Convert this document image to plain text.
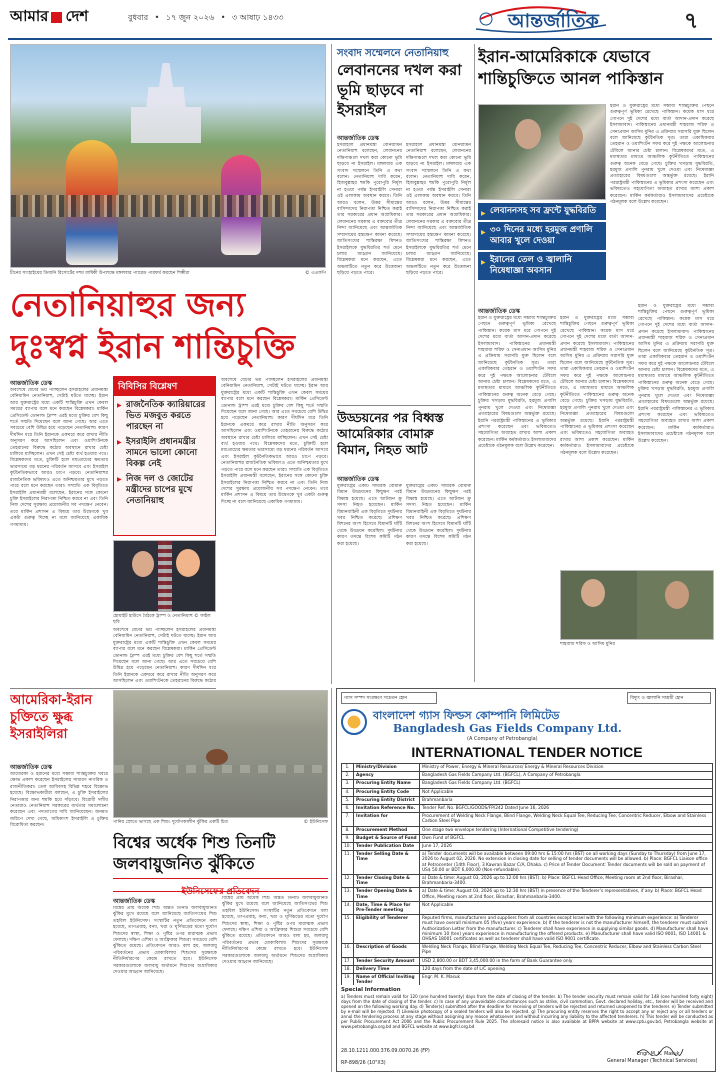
আমার দেশ	বুধবার • ১৭ জুন ২০২৬ • ৩ আষাঢ় ১৪৩৩	আন্তর্জাতিক	৭
চীনের সাংহাইয়ের ডিজনি রিসোর্টের দশম বার্ষিকী উপলক্ষে মঙ্গলবার প্যারেড পারফর্ম করছেন শিল্পীরা	© এএফপি
নেতানিয়াহুর জন্য দুঃস্বপ্ন ইরান শান্তিচুক্তি
আন্তর্জাতিক ডেস্ক
অবশেষে যেটার ভয় পাচ্ছিলেন ইসরাইলের প্রধানমন্ত্রী বেনিয়ামিন নেতানিয়াহু, সেটাই ঘটতে যাচ্ছে। ইরান আর যুক্তরাষ্ট্রের মধ্যে একটি শান্তিচুক্তি এখন কেবল সময়ের ব্যাপার বলে মনে করছেন বিশ্লেষকরা। মার্কিন প্রেসিডেন্ট ডোনাল্ড ট্রাম্প এরই মধ্যে চুক্তির বেশ কিছু শর্তে সম্মতি দিয়েছেন বলে জানা গেছে। আর এতে সবচেয়ে বেশি উদ্বিগ্ন হয়ে পড়েছেন নেতানিয়াহু। কারণ দীর্ঘদিন ধরে তিনি ইরানকে একঘরে করে রাখার নীতি অনুসরণ করে আসছিলেন এবং ওয়াশিংটনকে তেহরানের বিরুদ্ধে কঠোর অবস্থানে রাখার চেষ্টা চালিয়ে যাচ্ছিলেন। এখন সেই চেষ্টা ব্যর্থ হওয়ার পথে। বিশ্লেষকদের মতে, চুক্তিটি হলে মধ্যপ্রাচ্যের ক্ষমতার ভারসাম্যে বড় ধরনের পরিবর্তন আসবে এবং ইসরাইল কূটনৈতিকভাবে আরও চাপে পড়বে। নেতানিয়াহুর রাজনৈতিক ভবিষ্যৎও এতে অনিশ্চয়তার মুখে পড়তে পারে বলে মনে করছেন তারা। সম্প্রতি এক বিবৃতিতে ইসরাইলি প্রধানমন্ত্রী বলেছেন, ইরানের সঙ্গে কোনো চুক্তি ইসরাইলের নিরাপত্তা নিশ্চিত করবে না এবং তিনি নিজ দেশের সুরক্ষায় প্রয়োজনীয় সব পদক্ষেপ নেবেন। তবে মার্কিন প্রশাসন এ বিষয়ে তার উদ্বেগকে খুব একটা গুরুত্ব দিচ্ছে না বলে জানিয়েছে একাধিক গণমাধ্যম।
বিবিসির বিশ্লেষণ
▶ রাজনৈতিক ক্যারিয়ারের ভিত মজবুত করতে পারছেন না
▶ ইসরাইলি প্রধানমন্ত্রীর সামনে ভালো কোনো বিকল্প নেই
▶ নিজ দল ও জোটের মন্ত্রীদের চাপের মুখে নেতানিয়াহু
হোয়াইট হাউসে বৈঠকে ট্রাম্প ও নেতানিয়াহু © ফাইল ছবি
অবশেষে যেটার ভয় পাচ্ছিলেন ইসরাইলের প্রধানমন্ত্রী বেনিয়ামিন নেতানিয়াহু, সেটাই ঘটতে যাচ্ছে। ইরান আর যুক্তরাষ্ট্রের মধ্যে একটি শান্তিচুক্তি এখন কেবল সময়ের ব্যাপার বলে মনে করছেন বিশ্লেষকরা। মার্কিন প্রেসিডেন্ট ডোনাল্ড ট্রাম্প এরই মধ্যে চুক্তির বেশ কিছু শর্তে সম্মতি দিয়েছেন বলে জানা গেছে। আর এতে সবচেয়ে বেশি উদ্বিগ্ন হয়ে পড়েছেন নেতানিয়াহু। কারণ দীর্ঘদিন ধরে তিনি ইরানকে একঘরে করে রাখার নীতি অনুসরণ করে আসছিলেন এবং ওয়াশিংটনকে তেহরানের বিরুদ্ধে কঠোর
অবশেষে যেটার ভয় পাচ্ছিলেন ইসরাইলের প্রধানমন্ত্রী বেনিয়ামিন নেতানিয়াহু, সেটাই ঘটতে যাচ্ছে। ইরান আর যুক্তরাষ্ট্রের মধ্যে একটি শান্তিচুক্তি এখন কেবল সময়ের ব্যাপার বলে মনে করছেন বিশ্লেষকরা। মার্কিন প্রেসিডেন্ট ডোনাল্ড ট্রাম্প এরই মধ্যে চুক্তির বেশ কিছু শর্তে সম্মতি দিয়েছেন বলে জানা গেছে। আর এতে সবচেয়ে বেশি উদ্বিগ্ন হয়ে পড়েছেন নেতানিয়াহু। কারণ দীর্ঘদিন ধরে তিনি ইরানকে একঘরে করে রাখার নীতি অনুসরণ করে আসছিলেন এবং ওয়াশিংটনকে তেহরানের বিরুদ্ধে কঠোর অবস্থানে রাখার চেষ্টা চালিয়ে যাচ্ছিলেন। এখন সেই চেষ্টা ব্যর্থ হওয়ার পথে। বিশ্লেষকদের মতে, চুক্তিটি হলে মধ্যপ্রাচ্যের ক্ষমতার ভারসাম্যে বড় ধরনের পরিবর্তন আসবে এবং ইসরাইল কূটনৈতিকভাবে আরও চাপে পড়বে। নেতানিয়াহুর রাজনৈতিক ভবিষ্যৎও এতে অনিশ্চয়তার মুখে পড়তে পারে বলে মনে করছেন তারা। সম্প্রতি এক বিবৃতিতে ইসরাইলি প্রধানমন্ত্রী বলেছেন, ইরানের সঙ্গে কোনো চুক্তি ইসরাইলের নিরাপত্তা নিশ্চিত করবে না এবং তিনি নিজ দেশের সুরক্ষায় প্রয়োজনীয় সব পদক্ষেপ নেবেন। তবে মার্কিন প্রশাসন এ বিষয়ে তার উদ্বেগকে খুব একটা গুরুত্ব দিচ্ছে না বলে জানিয়েছে একাধিক গণমাধ্যম।
সংবাদ সম্মেলনে নেতানিয়াহু
লেবাননের দখল করা ভূমি ছাড়বে না ইসরাইল
আন্তর্জাতিক ডেস্ক
ইসরাইলি প্রধানমন্ত্রী বেনিয়ামিন নেতানিয়াহু বলেছেন, লেবাননের দক্ষিণাঞ্চলে দখল করা কোনো ভূমি ছাড়বে না ইসরাইল। মঙ্গলবার এক সংবাদ সম্মেলনে তিনি এ কথা বলেন। নেতানিয়াহু দাবি করেন, হিজবুল্লাহর হুমকি পুরোপুরি নির্মূল না হওয়া পর্যন্ত ইসরাইলি সেনারা ওই এলাকায় অবস্থান করবে। তিনি আরও বলেন, উত্তর সীমান্তের বাসিন্দাদের নিরাপত্তা নিশ্চিত করাই তার সরকারের প্রধান অগ্রাধিকার। লেবাননের সরকার এ বক্তব্যের তীব্র নিন্দা জানিয়েছে এবং আন্তর্জাতিক সম্প্রদায়ের হস্তক্ষেপ কামনা করেছে। জাতিসংঘের শান্তিরক্ষা মিশনও ইসরাইলকে যুদ্ধবিরতির শর্ত মেনে চলার আহ্বান জানিয়েছে। বিশ্লেষকরা মনে করছেন, এতে অঞ্চলটিতে নতুন করে উত্তেজনা ছড়িয়ে পড়তে পারে।
ইসরাইলি প্রধানমন্ত্রী বেনিয়ামিন নেতানিয়াহু বলেছেন, লেবাননের দক্ষিণাঞ্চলে দখল করা কোনো ভূমি ছাড়বে না ইসরাইল। মঙ্গলবার এক সংবাদ সম্মেলনে তিনি এ কথা বলেন। নেতানিয়াহু দাবি করেন, হিজবুল্লাহর হুমকি পুরোপুরি নির্মূল না হওয়া পর্যন্ত ইসরাইলি সেনারা ওই এলাকায় অবস্থান করবে। তিনি আরও বলেন, উত্তর সীমান্তের বাসিন্দাদের নিরাপত্তা নিশ্চিত করাই তার সরকারের প্রধান অগ্রাধিকার। লেবাননের সরকার এ বক্তব্যের তীব্র নিন্দা জানিয়েছে এবং আন্তর্জাতিক সম্প্রদায়ের হস্তক্ষেপ কামনা করেছে। জাতিসংঘের শান্তিরক্ষা মিশনও ইসরাইলকে যুদ্ধবিরতির শর্ত মেনে চলার আহ্বান জানিয়েছে। বিশ্লেষকরা মনে করছেন, এতে অঞ্চলটিতে নতুন করে উত্তেজনা ছড়িয়ে পড়তে পারে।
উড্ডয়নের পর বিধ্বস্ত আমেরিকার বোমারু বিমান, নিহত আট
আন্তর্জাতিক ডেস্ক
যুক্তরাষ্ট্রের একটি সামরিক বোমারু বিমান উড্ডয়নের কিছুক্ষণ পরই বিধ্বস্ত হয়েছে। এতে আটজন ক্রু সদস্য নিহত হয়েছেন। মার্কিন বিমানবাহিনী এক বিবৃতিতে দুর্ঘটনার খবর নিশ্চিত করেছে। প্রশিক্ষণ মিশনের অংশ হিসেবে বিমানটি ঘাঁটি থেকে উড্ডয়ন করেছিল। দুর্ঘটনার কারণ তদন্তে বিশেষ কমিটি গঠন করা হয়েছে।
যুক্তরাষ্ট্রের একটি সামরিক বোমারু বিমান উড্ডয়নের কিছুক্ষণ পরই বিধ্বস্ত হয়েছে। এতে আটজন ক্রু সদস্য নিহত হয়েছেন। মার্কিন বিমানবাহিনী এক বিবৃতিতে দুর্ঘটনার খবর নিশ্চিত করেছে। প্রশিক্ষণ মিশনের অংশ হিসেবে বিমানটি ঘাঁটি থেকে উড্ডয়ন করেছিল। দুর্ঘটনার কারণ তদন্তে বিশেষ কমিটি গঠন করা হয়েছে।
ইরান-আমেরিকাকে যেভাবে শান্তিচুক্তিতে আনল পাকিস্তান
▶ লেবাননসহ সব ফ্রন্টে যুদ্ধবিরতি
▶ ৩০ দিনের মধ্যে হরমুজ প্রণালি আবার খুলে দেওয়া
▶ ইরানের তেল ও জ্বালানি নিষেধাজ্ঞা অবসান
ইরান ও যুক্তরাষ্ট্রের মধ্যে সম্ভাব্য শান্তিচুক্তির পেছনে গুরুত্বপূর্ণ ভূমিকা রেখেছে পাকিস্তান। কয়েক মাস ধরে গোপনে দুই দেশের মধ্যে বার্তা আদান-প্রদান করেছে ইসলামাবাদ। পাকিস্তানের প্রধানমন্ত্রী শাহবাজ শরিফ ও সেনাপ্রধান আসিম মুনির এ প্রক্রিয়ায় সরাসরি যুক্ত ছিলেন বলে জানিয়েছে কূটনৈতিক সূত্র। তারা একাধিকবার তেহরান ও ওয়াশিংটন সফর করে দুই পক্ষকে আলোচনার টেবিলে আনার চেষ্টা চালান। বিশ্লেষকদের মতে, এ মধ্যস্থতার মাধ্যমে আঞ্চলিক কূটনীতিতে পাকিস্তানের গুরুত্ব অনেক বেড়ে গেছে। চুক্তির খসড়ায় যুদ্ধবিরতি, হরমুজ প্রণালি পুনরায় খুলে দেওয়া এবং নিষেধাজ্ঞা প্রত্যাহারের বিষয়গুলো অন্তর্ভুক্ত রয়েছে। ইরানি পররাষ্ট্রমন্ত্রী পাকিস্তানের এ ভূমিকার প্রশংসা করেছেন এবং ভবিষ্যতেও সহযোগিতা অব্যাহত রাখার আশা প্রকাশ করেছেন। মার্কিন কর্মকর্তারাও ইসলামাবাদের প্রচেষ্টাকে গঠনমূলক বলে উল্লেখ করেছেন।
আন্তর্জাতিক ডেস্ক
ইরান ও যুক্তরাষ্ট্রের মধ্যে সম্ভাব্য শান্তিচুক্তির পেছনে গুরুত্বপূর্ণ ভূমিকা রেখেছে পাকিস্তান। কয়েক মাস ধরে গোপনে দুই দেশের মধ্যে বার্তা আদান-প্রদান করেছে ইসলামাবাদ। পাকিস্তানের প্রধানমন্ত্রী শাহবাজ শরিফ ও সেনাপ্রধান আসিম মুনির এ প্রক্রিয়ায় সরাসরি যুক্ত ছিলেন বলে জানিয়েছে কূটনৈতিক সূত্র। তারা একাধিকবার তেহরান ও ওয়াশিংটন সফর করে দুই পক্ষকে আলোচনার টেবিলে আনার চেষ্টা চালান। বিশ্লেষকদের মতে, এ মধ্যস্থতার মাধ্যমে আঞ্চলিক কূটনীতিতে পাকিস্তানের গুরুত্ব অনেক বেড়ে গেছে। চুক্তির খসড়ায় যুদ্ধবিরতি, হরমুজ প্রণালি পুনরায় খুলে দেওয়া এবং নিষেধাজ্ঞা প্রত্যাহারের বিষয়গুলো অন্তর্ভুক্ত রয়েছে। ইরানি পররাষ্ট্রমন্ত্রী পাকিস্তানের এ ভূমিকার প্রশংসা করেছেন এবং ভবিষ্যতেও সহযোগিতা অব্যাহত রাখার আশা প্রকাশ করেছেন। মার্কিন কর্মকর্তারাও ইসলামাবাদের প্রচেষ্টাকে গঠনমূলক বলে উল্লেখ করেছেন।
ইরান ও যুক্তরাষ্ট্রের মধ্যে সম্ভাব্য শান্তিচুক্তির পেছনে গুরুত্বপূর্ণ ভূমিকা রেখেছে পাকিস্তান। কয়েক মাস ধরে গোপনে দুই দেশের মধ্যে বার্তা আদান-প্রদান করেছে ইসলামাবাদ। পাকিস্তানের প্রধানমন্ত্রী শাহবাজ শরিফ ও সেনাপ্রধান আসিম মুনির এ প্রক্রিয়ায় সরাসরি যুক্ত ছিলেন বলে জানিয়েছে কূটনৈতিক সূত্র। তারা একাধিকবার তেহরান ও ওয়াশিংটন সফর করে দুই পক্ষকে আলোচনার টেবিলে আনার চেষ্টা চালান। বিশ্লেষকদের মতে, এ মধ্যস্থতার মাধ্যমে আঞ্চলিক কূটনীতিতে পাকিস্তানের গুরুত্ব অনেক বেড়ে গেছে। চুক্তির খসড়ায় যুদ্ধবিরতি, হরমুজ প্রণালি পুনরায় খুলে দেওয়া এবং নিষেধাজ্ঞা প্রত্যাহারের বিষয়গুলো অন্তর্ভুক্ত রয়েছে। ইরানি পররাষ্ট্রমন্ত্রী পাকিস্তানের এ ভূমিকার প্রশংসা করেছেন এবং ভবিষ্যতেও সহযোগিতা অব্যাহত রাখার আশা প্রকাশ করেছেন। মার্কিন কর্মকর্তারাও ইসলামাবাদের প্রচেষ্টাকে গঠনমূলক বলে উল্লেখ করেছেন।
ইরান ও যুক্তরাষ্ট্রের মধ্যে সম্ভাব্য শান্তিচুক্তির পেছনে গুরুত্বপূর্ণ ভূমিকা রেখেছে পাকিস্তান। কয়েক মাস ধরে গোপনে দুই দেশের মধ্যে বার্তা আদান-প্রদান করেছে ইসলামাবাদ। পাকিস্তানের প্রধানমন্ত্রী শাহবাজ শরিফ ও সেনাপ্রধান আসিম মুনির এ প্রক্রিয়ায় সরাসরি যুক্ত ছিলেন বলে জানিয়েছে কূটনৈতিক সূত্র। তারা একাধিকবার তেহরান ও ওয়াশিংটন সফর করে দুই পক্ষকে আলোচনার টেবিলে আনার চেষ্টা চালান। বিশ্লেষকদের মতে, এ মধ্যস্থতার মাধ্যমে আঞ্চলিক কূটনীতিতে পাকিস্তানের গুরুত্ব অনেক বেড়ে গেছে। চুক্তির খসড়ায় যুদ্ধবিরতি, হরমুজ প্রণালি পুনরায় খুলে দেওয়া এবং নিষেধাজ্ঞা প্রত্যাহারের বিষয়গুলো অন্তর্ভুক্ত রয়েছে। ইরানি পররাষ্ট্রমন্ত্রী পাকিস্তানের এ ভূমিকার প্রশংসা করেছেন এবং ভবিষ্যতেও সহযোগিতা অব্যাহত রাখার আশা প্রকাশ করেছেন। মার্কিন কর্মকর্তারাও ইসলামাবাদের প্রচেষ্টাকে গঠনমূলক বলে উল্লেখ করেছেন।
শাহবাজ শরিফ ও আসিম মুনির
আমেরিকা-ইরান চুক্তিতে ক্ষুব্ধ ইসরাইলিরা
আন্তর্জাতিক ডেস্ক
আমেরিকা ও ইরানের মধ্যে সম্ভাব্য শান্তিচুক্তির খবরে ক্ষোভ প্রকাশ করেছেন ইসরাইলের সাধারণ নাগরিক ও রাজনীতিকরা। তেল আবিবসহ বিভিন্ন শহরে বিক্ষোভ হয়েছে। বিক্ষোভকারীরা বলছেন, এ চুক্তি ইসরাইলের নিরাপত্তার জন্য হুমকি হয়ে দাঁড়াবে। বিরোধী দলীয় নেতারাও নেতানিয়াহু সরকারের ব্যর্থতার সমালোচনা করেছেন এবং পদত্যাগের দাবি জানিয়েছেন। জনমত জরিপে দেখা গেছে, অধিকাংশ ইসরাইলি এ চুক্তির বিরোধিতা করছেন।
পানির স্রোতে ভাসছে এক শিশু। দুর্যোগকালীন ঝুঁকির একটি চিত্র	© ইউনিসেফ
বিশ্বের অর্ধেক শিশু তিনটি জলবায়ুজনিত ঝুঁকিতে
ইউনিসেফের প্রতিবেদন
আন্তর্জাতিক ডেস্ক
বিশ্বের প্রায় অর্ধেক শিশু অন্তত তিনটি জলবায়ুজনিত ঝুঁকির মুখে রয়েছে বলে জানিয়েছে জাতিসংঘের শিশু তহবিল ইউনিসেফ। সংস্থাটির নতুন প্রতিবেদনে বলা হয়েছে, তাপপ্রবাহ, বন্যা, খরা ও ঘূর্ণিঝড়ের মতো দুর্যোগ শিশুদের স্বাস্থ্য, শিক্ষা ও পুষ্টির ওপর মারাত্মক প্রভাব ফেলছে। দক্ষিণ এশিয়া ও আফ্রিকার শিশুরা সবচেয়ে বেশি ঝুঁকিতে রয়েছে। প্রতিবেদনে আরও বলা হয়, জলবায়ু পরিবর্তনের প্রভাব মোকাবিলায় শিশুদের সুরক্ষাকে নীতিনির্ধারণের কেন্দ্রে রাখতে হবে। ইউনিসেফ সরকারগুলোকে জলবায়ু অর্থায়নে শিশুদের অগ্রাধিকার দেওয়ার আহ্বান জানিয়েছে।
বিশ্বের প্রায় অর্ধেক শিশু অন্তত তিনটি জলবায়ুজনিত ঝুঁকির মুখে রয়েছে বলে জানিয়েছে জাতিসংঘের শিশু তহবিল ইউনিসেফ। সংস্থাটির নতুন প্রতিবেদনে বলা হয়েছে, তাপপ্রবাহ, বন্যা, খরা ও ঘূর্ণিঝড়ের মতো দুর্যোগ শিশুদের স্বাস্থ্য, শিক্ষা ও পুষ্টির ওপর মারাত্মক প্রভাব ফেলছে। দক্ষিণ এশিয়া ও আফ্রিকার শিশুরা সবচেয়ে বেশি ঝুঁকিতে রয়েছে। প্রতিবেদনে আরও বলা হয়, জলবায়ু পরিবর্তনের প্রভাব মোকাবিলায় শিশুদের সুরক্ষাকে নীতিনির্ধারণের কেন্দ্রে রাখতে হবে। ইউনিসেফ সরকারগুলোকে জলবায়ু অর্থায়নে শিশুদের অগ্রাধিকার দেওয়ার আহ্বান জানিয়েছে।
গ্যাস সম্পদ সংরক্ষণে সচেতন হোন	বিদ্যুৎ ও জ্বালানি সাশ্রয়ী হোন
বাংলাদেশ গ্যাস ফিল্ডস কোম্পানি লিমিটেড
Bangladesh Gas Fields Company Ltd.
(A Company of Petrobangla)
INTERNATIONAL TENDER NOTICE
1.	Ministry/Division	Ministry of Power, Energy & Mineral Resources/ Energy & Mineral Resources Division
2.	Agency	Bangladesh Gas Fields Company Ltd. (BGFCL), A Company of Petrobangla
3.	Procuring Entity Name	Bangladesh Gas Fields Company Ltd. (BGFCL)
4.	Procuring Entity Code	Not Applicable
5.	Procuring Entity District	Brahmanbaria
6.	Invitation Reference No.	Tender Ref. No. BGFCL/GOODS/FP/242 Dated June 16, 2026
7.	Invitation for	Procurement of Welding Neck Flange, Blind Flange, Welding Neck Equal Tee, Reducing Tee, Concentric Reducer, Elbow and Stainless Carbon Steel Pipe
8.	Procurement Method	One stage two envelope tendering (International Competitive tendering)
9.	Budget & Source of Fund	Own Fund of BGFCL
10.	Tender Publication Date	June 17, 2026
11.	Tender Selling Date & Time	a) Tender documents will be available between 09:00 hrs & 15:00 hrs (BST) on all working days (Sunday to Thursday) from June 17, 2026 to August 02, 2026. No extension in closing date for selling of tender documents will be allowed. b) Place: BGFCL Liaison office at Petrocenter (14th Floor), 3 Kawran Bazar C/A, Dhaka. c) Price of Tender Document: Tender documents will be sold on payment of US$ 50.00 or BDT 6,000.00 (Non-refundable).
12.	Tender Closing Date & Time	a) Date & time: August 03, 2026 up to 12:00 hrs (BST). b) Place: BGFCL Head Office, Meeting room at 2nd floor, Birashar, Brahmanbaria-3400.
13.	Tender Opening Date & Time	a) Date & time: August 03, 2026 up to 12:30 hrs (BST) in presence of the Tenderer's representatives, if any. b) Place: BGFCL Head Office, Meeting room at 2nd floor, Birashar, Brahmanbaria-3400.
14.	Date, Time & Place for Pre-Tender meeting	Not Applicable
15.	Eligibility of Tenderer	Reputed firms, manufacturers and suppliers from all countries except Israel with the following minimum experience: a) Tenderer must have overall minimum 05 (five) years experience. b) If the tenderer is not the manufacturer himself, the tenderer must submit Authorization Letter from the manufacturer. c) Tenderer shall have experience in supplying similar goods. d) Manufacturer shall have minimum 10 (ten) years experience in manufacturing the offered products. e) Manufacturer shall have valid ISO 9001, ISO 14001 & OHSAS 18001 certificates as well as tenderer shall have valid ISO 9001 certificate.
16.	Description of Goods	Welding Neck Flange, Blind Flange, Welding Neck Equal Tee, Reducing Tee, Concentric Reducer, Elbow and Stainless Carbon Steel Pipe
17.	Tender Security Amount	USD 2,800.00 or BDT 3,45,000.00 in the form of Bank Guarantee only
18.	Delivery Time	120 days from the date of L/C opening
19.	Name of Official Inviting Tender	Engr. M. K. Masuk

Special Information
a) Tenders must remain valid for 120 (one hundred twenty) days from the date of closing of the tender. b) The tender security must remain valid for 148 (one hundred forty eight) days from the date of closing of the tender. c) In case of any unavoidable circumstances such as strike, civil commotion, Govt. declared holiday, etc., tender will be received and opened on the following working day. d) Tender(s) submitted after the deadline for receiving of tenders will be rejected and returned unopened to the tenderer. e) Tender submitted by e-mail will be rejected. f) Likewise photocopy of a sealed tenders will also be rejected. g) The procuring entity reserves the right to accept any or reject any or all tenders or annul the tendering process at any stage without assigning any reason whatsoever and without incurring any liability to the affected tenderers. h) This tender will be conducted as per Public Procurement Act 2006 and the Public Procurement Rule 2025. The aforesaid notice is also available at BPPA website at www.cptu.gov.bd, Petrobangla website at www.petrobangla.org.bd and BGFCL website at www.bgfcl.org.bd
28.10.1211.000.376.09.0070.26 (FP)
Engr. M. K. Masuk
General Manager (Technical Services)
RP-898/26 (10"X3)
